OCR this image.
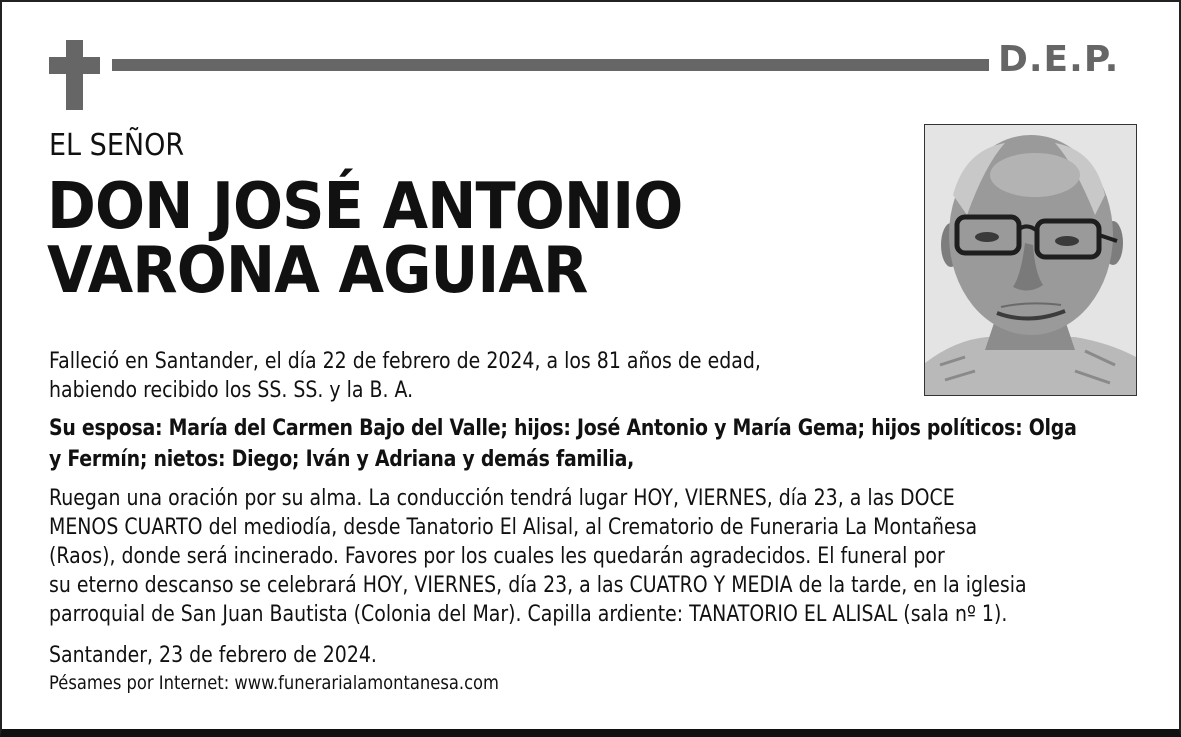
D.E.P.
EL SEÑOR
DON JOSÉ ANTONIO
VARONA AGUIAR
Falleció en Santander, el día 22 de febrero de 2024, a los 81 años de edad,
habiendo recibido los SS. SS. y la B. A.
Su esposa: María del Carmen Bajo del Valle; hijos: José Antonio y María Gema; hijos políticos: Olga
y Fermín; nietos: Diego; Iván y Adriana y demás familia,
Ruegan una oración por su alma. La conducción tendrá lugar HOY, VIERNES, día 23, a las DOCE
MENOS CUARTO del mediodía, desde Tanatorio El Alisal, al Crematorio de Funeraria La Montañesa
(Raos), donde será incinerado. Favores por los cuales les quedarán agradecidos. El funeral por
su eterno descanso se celebrará HOY, VIERNES, día 23, a las CUATRO Y MEDIA de la tarde, en la iglesia
parroquial de San Juan Bautista (Colonia del Mar). Capilla ardiente: TANATORIO EL ALISAL (sala nº 1).
Santander, 23 de febrero de 2024.
Pésames por Internet: www.funerarialamontanesa.com
